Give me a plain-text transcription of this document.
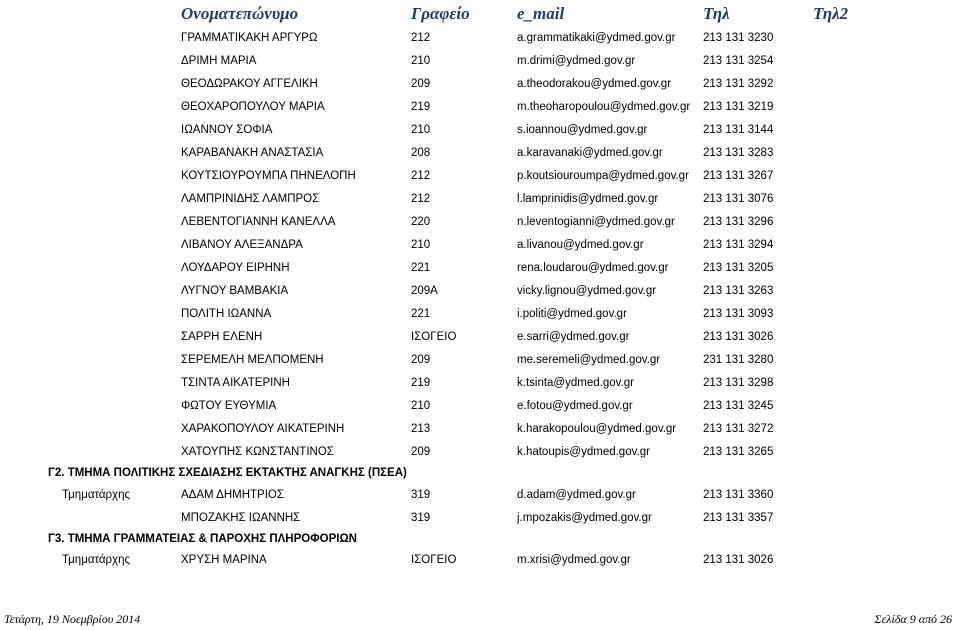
Ονοματεπώνυμο	Γραφείο	e_mail	Τηλ	Τηλ2
ΓΡΑΜΜΑΤΙΚΑΚΗ ΑΡΓΥΡΩ	212	a.grammatikaki@ydmed.gov.gr 213 131 3230
ΔΡΙΜΗ ΜΑΡΙΑ	210	m.drimi@ydmed.gov.gr	213 131 3254
ΘΕΟΔΩΡΑΚΟΥ ΑΓΓΕΛΙΚΗ	209	a.theodorakou@ydmed.gov.gr	213 131 3292
ΘΕΟΧΑΡΟΠΟΥΛΟΥ ΜΑΡΙΑ	219	m.theoharopoulou@ydmed.gov.gr 213 131 3219
ΙΩΑΝΝΟΥ ΣΟΦΙΑ	210	s.ioannou@ydmed.gov.gr	213 131 3144
ΚΑΡΑΒΑΝΑΚΗ ΑΝΑΣΤΑΣΙΑ	208	a.karavanaki@ydmed.gov.gr	213 131 3283
ΚΟΥΤΣΙΟΥΡΟΥΜΠΑ ΠΗΝΕΛΟΠΗ	212	p.koutsiouroumpa@ydmed.gov.gr 213 131 3267
ΛΑΜΠΡΙΝΙΔΗΣ ΛΑΜΠΡΟΣ	212	l.lamprinidis@ydmed.gov.gr	213 131 3076
ΛΕΒΕΝΤΟΓΙΑΝΝΗ ΚΑΝΕΛΛΑ	220	n.leventogianni@ydmed.gov.gr 213 131 3296
ΛΙΒΑΝΟΥ ΑΛΕΞΑΝΔΡΑ	210	a.livanou@ydmed.gov.gr	213 131 3294
ΛΟΥΔΑΡΟΥ ΕΙΡΗΝΗ	221	rena.loudarou@ydmed.gov.gr	213 131 3205
ΛΥΓΝΟΥ ΒΑΜΒΑΚΙΑ	209Α	vicky.lignou@ydmed.gov.gr	213 131 3263
ΠΟΛΙΤΗ ΙΩΑΝΝΑ	221	i.politi@ydmed.gov.gr	213 131 3093
ΣΑΡΡΗ ΕΛΕΝΗ	ΙΣΟΓΕΙΟ	e.sarri@ydmed.gov.gr	213 131 3026
ΣΕΡΕΜΕΛΗ ΜΕΛΠΟΜΕΝΗ	209	me.seremeli@ydmed.gov.gr	231 131 3280
ΤΣΙΝΤΑ ΑΙΚΑΤΕΡΙΝΗ	219	k.tsinta@ydmed.gov.gr	213 131 3298
ΦΩΤΟΥ ΕΥΘΥΜΙΑ	210	e.fotou@ydmed.gov.gr	213 131 3245
ΧΑΡΑΚΟΠΟΥΛΟΥ ΑΙΚΑΤΕΡΙΝΗ	213	k.harakopoulou@ydmed.gov.gr 213 131 3272
ΧΑΤΟΥΠΗΣ ΚΩΝΣΤΑΝΤΙΝΟΣ	209	k.hatoupis@ydmed.gov.gr	213 131 3265
Γ2. ΤΜΗΜΑ ΠΟΛΙΤΙΚΗΣ ΣΧΕΔΙΑΣΗΣ ΕΚΤΑΚΤΗΣ ΑΝΑΓΚΗΣ (ΠΣΕΑ)
Τμηματάρχης	ΑΔΑΜ ΔΗΜΗΤΡΙΟΣ	319	d.adam@ydmed.gov.gr	213 131 3360
ΜΠΟΖΑΚΗΣ ΙΩΑΝΝΗΣ	319	j.mpozakis@ydmed.gov.gr	213 131 3357
Γ3. ΤΜΗΜΑ ΓΡΑΜΜΑΤΕΙΑΣ & ΠΑΡΟΧΗΣ ΠΛΗΡΟΦΟΡΙΩΝ
Τμηματάρχης	ΧΡΥΣΗ ΜΑΡΙΝΑ	ΙΣΟΓΕΙΟ	m.xrisi@ydmed.gov.gr	213 131 3026
Τετάρτη, 19 Νοεμβρίου 2014	Σελίδα 9 από 26
